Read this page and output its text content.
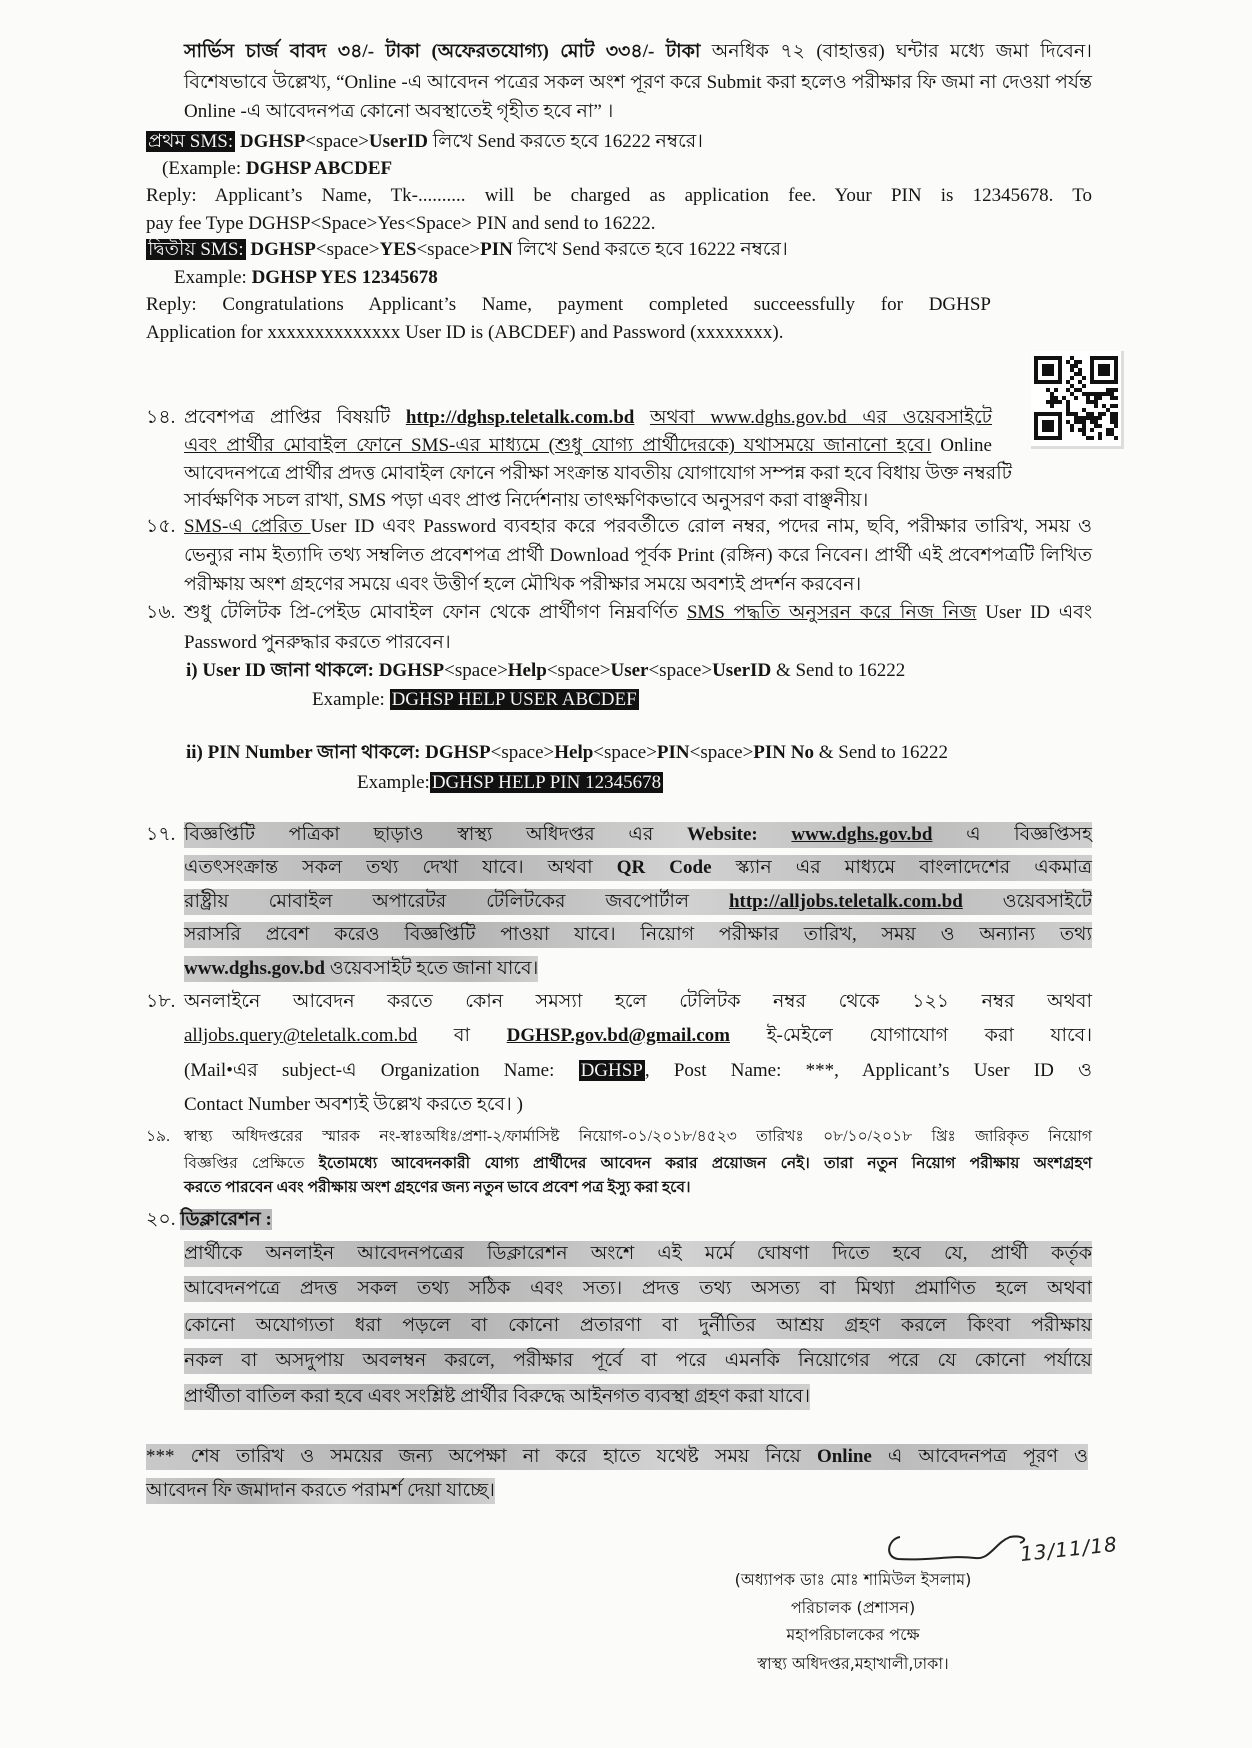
সার্ভিস চার্জ বাবদ ৩৪/- টাকা (অফেরতযোগ্য) মোট ৩৩৪/- টাকা অনধিক ৭২ (বাহাত্তর) ঘন্টার মধ্যে জমা দিবেন।
বিশেষভাবে উল্লেখ্য, “Online -এ আবেদন পত্রের সকল অংশ পূরণ করে Submit করা হলেও পরীক্ষার ফি জমা না দেওয়া পর্যন্ত
Online -এ আবেদনপত্র কোনো অবস্থাতেই গৃহীত হবে না” ।
প্রথম SMS: DGHSP<space>UserID লিখে Send করতে হবে 16222 নম্বরে।
(Example: DGHSP ABCDEF
Reply: Applicant’s Name, Tk-.......... will be charged as application fee. Your PIN is 12345678. To
pay fee Type DGHSP<Space>Yes<Space> PIN and send to 16222.
দ্বিতীয় SMS: DGHSP<space>YES<space>PIN লিখে Send করতে হবে 16222 নম্বরে।
Example: DGHSP YES 12345678
Reply: Congratulations Applicant’s Name, payment completed succeessfully for DGHSP
Application for xxxxxxxxxxxxxx User ID is (ABCDEF) and Password (xxxxxxxx).
১৪. প্রবেশপত্র প্রাপ্তির বিষয়টি http://dghsp.teletalk.com.bd অথবা www.dghs.gov.bd এর ওয়েবসাইটে
এবং প্রার্থীর মোবাইল ফোনে SMS-এর মাধ্যমে (শুধু যোগ্য প্রার্থীদেরকে) যথাসময়ে জানানো হবে। Online
আবেদনপত্রে প্রার্থীর প্রদত্ত মোবাইল ফোনে পরীক্ষা সংক্রান্ত যাবতীয় যোগাযোগ সম্পন্ন করা হবে বিধায় উক্ত নম্বরটি
সার্বক্ষণিক সচল রাখা, SMS পড়া এবং প্রাপ্ত নির্দেশনায় তাৎক্ষণিকভাবে অনুসরণ করা বাঞ্ছনীয়।
১৫. SMS-এ প্রেরিত User ID এবং Password ব্যবহার করে পরবর্তীতে রোল নম্বর, পদের নাম, ছবি, পরীক্ষার তারিখ, সময় ও
ভেন্যুর নাম ইত্যাদি তথ্য সম্বলিত প্রবেশপত্র প্রার্থী Download পূর্বক Print (রঙ্গিন) করে নিবেন। প্রার্থী এই প্রবেশপত্রটি লিখিত
পরীক্ষায় অংশ গ্রহণের সময়ে এবং উত্তীর্ণ হলে মৌখিক পরীক্ষার সময়ে অবশ্যই প্রদর্শন করবেন।
১৬. শুধু টেলিটক প্রি-পেইড মোবাইল ফোন থেকে প্রার্থীগণ নিম্নবর্ণিত SMS পদ্ধতি অনুসরন করে নিজ নিজ User ID এবং
Password পুনরুদ্ধার করতে পারবেন।
i) User ID জানা থাকলে: DGHSP<space>Help<space>User<space>UserID & Send to 16222
Example: DGHSP HELP USER ABCDEF
ii) PIN Number জানা থাকলে: DGHSP<space>Help<space>PIN<space>PIN No & Send to 16222
Example: DGHSP HELP PIN 12345678
১৭. বিজ্ঞপ্তিটি পত্রিকা ছাড়াও স্বাস্থ্য অধিদপ্তর এর Website: www.dghs.gov.bd এ বিজ্ঞপ্তিসহ
এতৎসংক্রান্ত সকল তথ্য দেখা যাবে। অথবা QR Code স্ক্যান এর মাধ্যমে বাংলাদেশের একমাত্র
রাষ্ট্রীয় মোবাইল অপারেটর টেলিটকের জবপোর্টাল http://alljobs.teletalk.com.bd ওয়েবসাইটে
সরাসরি প্রবেশ করেও বিজ্ঞপ্তিটি পাওয়া যাবে। নিয়োগ পরীক্ষার তারিখ, সময় ও অন্যান্য তথ্য
www.dghs.gov.bd ওয়েবসাইট হতে জানা যাবে।
১৮. অনলাইনে আবেদন করতে কোন সমস্যা হলে টেলিটক নম্বর থেকে ১২১ নম্বর অথবা
alljobs.query@teletalk.com.bd বা DGHSP.gov.bd@gmail.com ই-মেইলে যোগাযোগ করা যাবে।
(Mail•এর subject-এ Organization Name: DGHSP , Post Name: ***, Applicant’s User ID ও
Contact Number অবশ্যই উল্লেখ করতে হবে। )
১৯. স্বাস্থ্য অধিদপ্তরের স্মারক নং-স্বাঃঅধিঃ/প্রশা-২/ফার্মাসিষ্ট নিয়োগ-০১/২০১৮/৪৫২৩ তারিখঃ ০৮/১০/২০১৮ খ্রিঃ জারিকৃত নিয়োগ
বিজ্ঞপ্তির প্রেক্ষিতে ইতোমধ্যে আবেদনকারী যোগ্য প্রার্থীদের আবেদন করার প্রয়োজন নেই। তারা নতুন নিয়োগ পরীক্ষায় অংশগ্রহণ
করতে পারবেন এবং পরীক্ষায় অংশ গ্রহণের জন্য নতুন ভাবে প্রবেশ পত্র ইস্যু করা হবে।
২০. ডিক্লারেশন :
প্রার্থীকে অনলাইন আবেদনপত্রের ডিক্লারেশন অংশে এই মর্মে ঘোষণা দিতে হবে যে, প্রার্থী কর্তৃক
আবেদনপত্রে প্রদত্ত সকল তথ্য সঠিক এবং সত্য। প্রদত্ত তথ্য অসত্য বা মিথ্যা প্রমাণিত হলে অথবা
কোনো অযোগ্যতা ধরা পড়লে বা কোনো প্রতারণা বা দুর্নীতির আশ্রয় গ্রহণ করলে কিংবা পরীক্ষায়
নকল বা অসদুপায় অবলম্বন করলে, পরীক্ষার পূর্বে বা পরে এমনকি নিয়োগের পরে যে কোনো পর্যায়ে
প্রার্থীতা বাতিল করা হবে এবং সংশ্লিষ্ট প্রার্থীর বিরুদ্ধে আইনগত ব্যবস্থা গ্রহণ করা যাবে।
*** শেষ তারিখ ও সময়ের জন্য অপেক্ষা না করে হাতে যথেষ্ট সময় নিয়ে Online এ আবেদনপত্র পূরণ ও
আবেদন ফি জমাদান করতে পরামর্শ দেয়া যাচ্ছে।
(অধ্যাপক ডাঃ মোঃ শামিউল ইসলাম)
পরিচালক (প্রশাসন)
মহাপরিচালকের পক্ষে
স্বাস্থ্য অধিদপ্তর,মহাখালী,ঢাকা।
13/11/18
